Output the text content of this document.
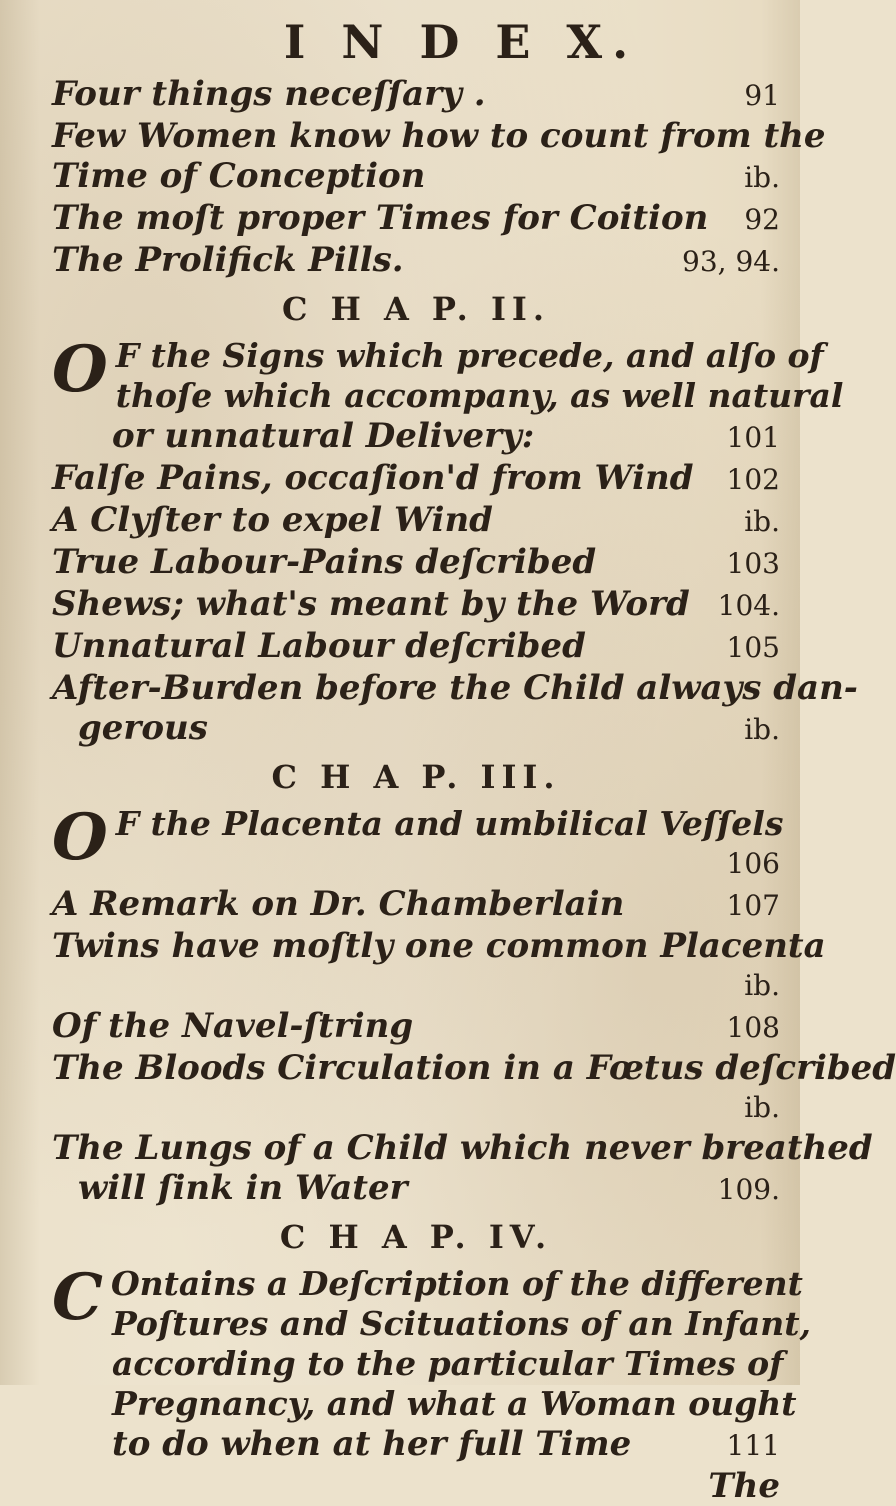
I N D E X.
Four things neceſſary .	91
Few Women know how to count from the
Time of Conception	ib.
The moſt proper Times for Coition	92
The Prolifick Pills.	93, 94.
C H A P. II.
O F the Signs which precede, and alſo of
thoſe which accompany, as well natural
or unnatural Delivery:	101
Falſe Pains, occaſion'd from Wind	102
A Clyſter to expel Wind	ib.
True Labour-Pains deſcribed	103
Shews; what's meant by the Word 104.
Unnatural Labour deſcribed	105
After-Burden before the Child always dan-
gerous	ib.
C H A P. III.
O F the Placenta and umbilical Veſſels
106
A Remark on Dr. Chamberlain	107
Twins have moſtly one common Placenta
ib.
Of the Navel-ſtring	108
The Bloods Circulation in a Fœtus deſcribed
ib.
The Lungs of a Child which never breathed
will ſink in Water	109.
C H A P. IV.
C Ontains a Deſcription of the different
Poſtures and Scituations of an Infant,
according to the particular Times of
Pregnancy, and what a Woman ought
to do when at her full Time	111
The
